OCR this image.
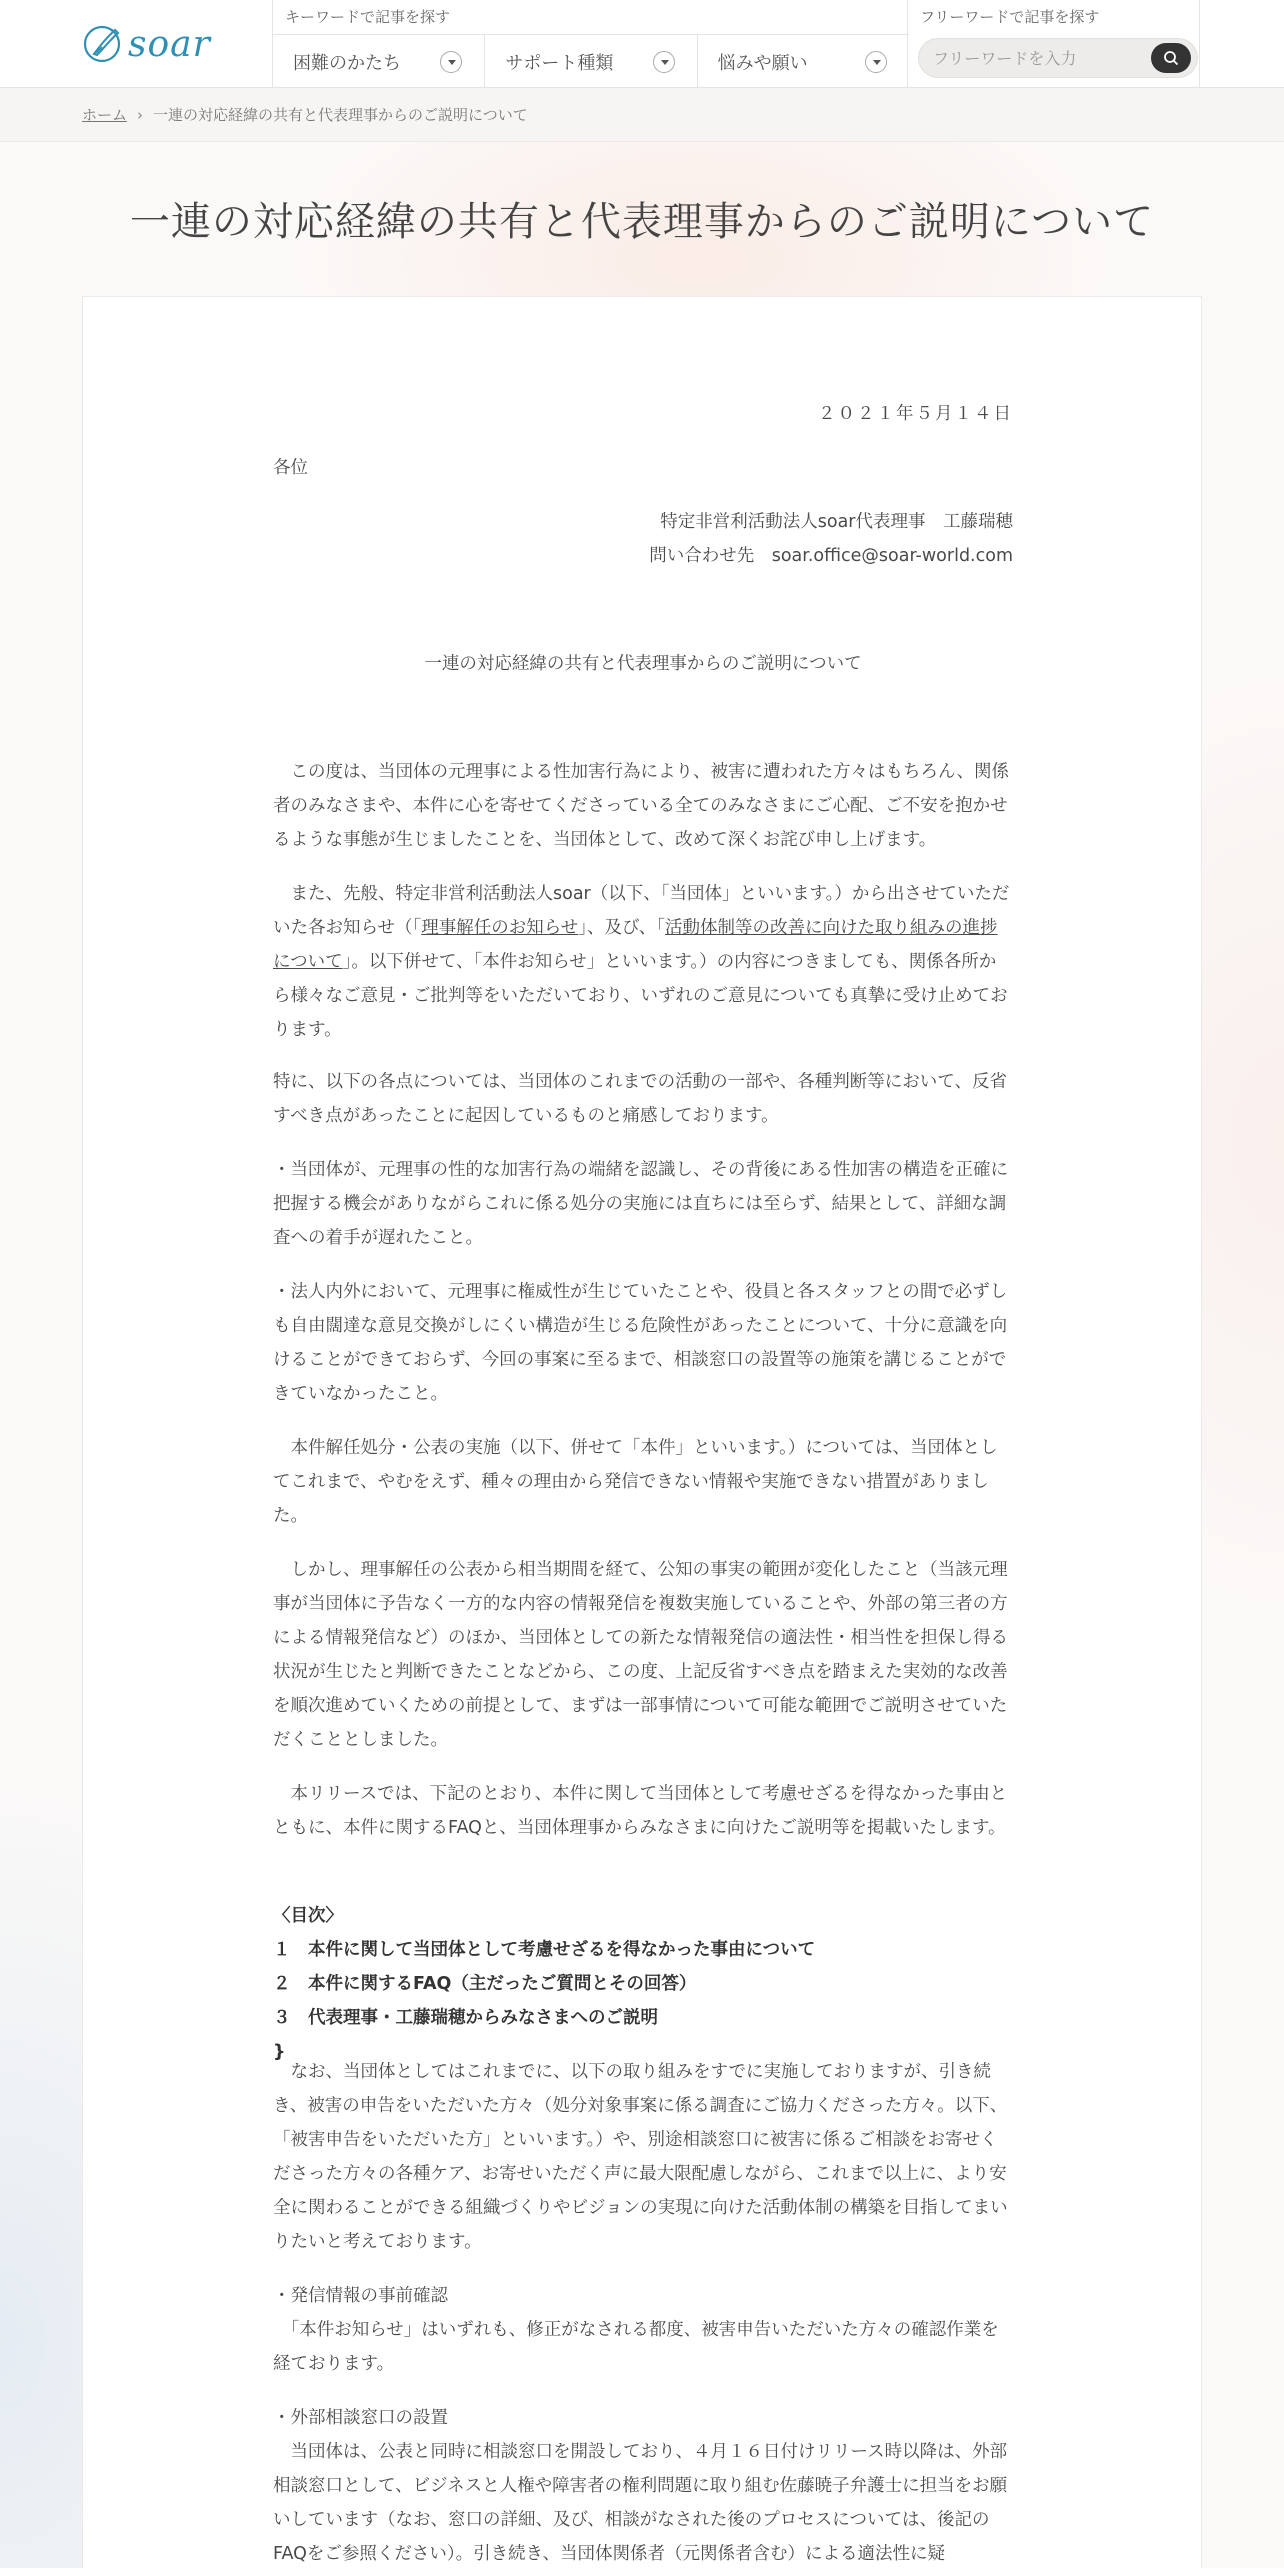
soar
キーワードで記事を探す
困難のかたち	サポート種類	悩みや願い
フリーワードで記事を探す
フリーワードを入力
ホーム › 一連の対応経緯の共有と代表理事からのご説明について
一連の対応経緯の共有と代表理事からのご説明について
２０２１年５月１４日
各位
特定非営利活動法人soar代表理事　工藤瑞穂
問い合わせ先　soar.office@soar-world.com
一連の対応経緯の共有と代表理事からのご説明について

　この度は、当団体の元理事による性加害行為により、被害に遭われた方々はもちろん、関係者のみなさまや、本件に心を寄せてくださっている全てのみなさまにご心配、ご不安を抱かせるような事態が生じましたことを、当団体として、改めて深くお詫び申し上げます。

　また、先般、特定非営利活動法人soar（以下、「当団体」といいます。）から出させていただいた各お知らせ（「理事解任のお知らせ」、及び、「活動体制等の改善に向けた取り組みの進捗について」。以下併せて、「本件お知らせ」といいます。）の内容につきましても、関係各所から様々なご意見・ご批判等をいただいており、いずれのご意見についても真摯に受け止めております。

特に、以下の各点については、当団体のこれまでの活動の一部や、各種判断等において、反省すべき点があったことに起因しているものと痛感しております。

・当団体が、元理事の性的な加害行為の端緒を認識し、その背後にある性加害の構造を正確に把握する機会がありながらこれに係る処分の実施には直ちには至らず、結果として、詳細な調査への着手が遅れたこと。

・法人内外において、元理事に権威性が生じていたことや、役員と各スタッフとの間で必ずしも自由闊達な意見交換がしにくい構造が生じる危険性があったことについて、十分に意識を向けることができておらず、今回の事案に至るまで、相談窓口の設置等の施策を講じることができていなかったこと。

　本件解任処分・公表の実施（以下、併せて「本件」といいます。）については、当団体としてこれまで、やむをえず、種々の理由から発信できない情報や実施できない措置がありました。

　しかし、理事解任の公表から相当期間を経て、公知の事実の範囲が変化したこと（当該元理事が当団体に予告なく一方的な内容の情報発信を複数実施していることや、外部の第三者の方による情報発信など）のほか、当団体としての新たな情報発信の適法性・相当性を担保し得る状況が生じたと判断できたことなどから、この度、上記反省すべき点を踏まえた実効的な改善を順次進めていくための前提として、まずは一部事情について可能な範囲でご説明させていただくこととしました。

　本リリースでは、下記のとおり、本件に関して当団体として考慮せざるを得なかった事由とともに、本件に関するFAQと、当団体理事からみなさまに向けたご説明等を掲載いたします。

〈目次〉
１　本件に関して当団体として考慮せざるを得なかった事由について
２　本件に関するFAQ（主だったご質問とその回答）
３　代表理事・工藤瑞穂からみなさまへのご説明
}

　なお、当団体としてはこれまでに、以下の取り組みをすでに実施しておりますが、引き続き、被害の申告をいただいた方々（処分対象事案に係る調査にご協力くださった方々。以下、「被害申告をいただいた方」といいます。）や、別途相談窓口に被害に係るご相談をお寄せくださった方々の各種ケア、お寄せいただく声に最大限配慮しながら、これまで以上に、より安全に関わることができる組織づくりやビジョンの実現に向けた活動体制の構築を目指してまいりたいと考えております。

・発信情報の事前確認
　「本件お知らせ」はいずれも、修正がなされる都度、被害申告いただいた方々の確認作業を経ております。

・外部相談窓口の設置
　当団体は、公表と同時に相談窓口を開設しており、４月１６日付けリリース時以降は、外部相談窓口として、ビジネスと人権や障害者の権利問題に取り組む佐藤暁子弁護士に担当をお願いしています（なお、窓口の詳細、及び、相談がなされた後のプロセスについては、後記のFAQをご参照ください）。引き続き、当団体関係者（元関係者含む）による適法性に疑
